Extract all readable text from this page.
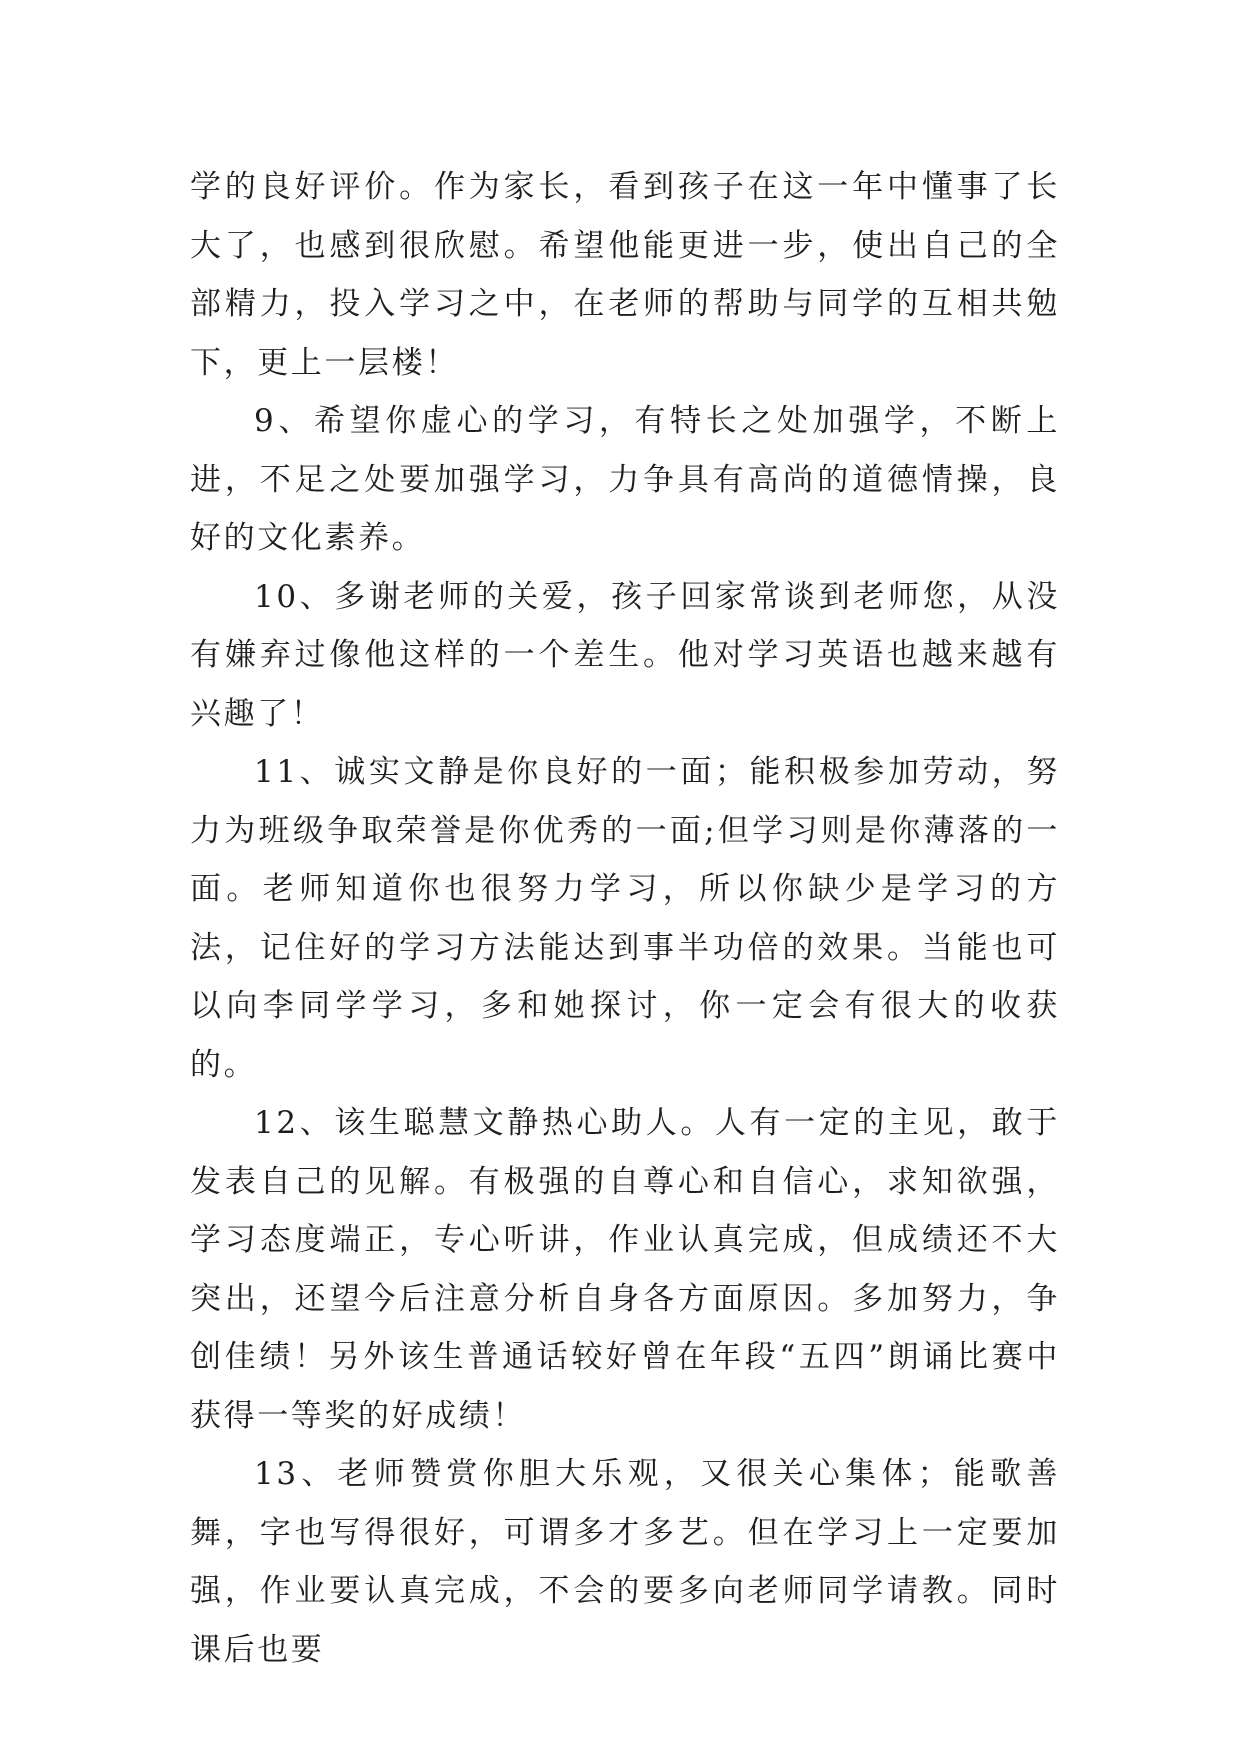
学的良好评价。作为家长，看到孩子在这一年中懂事了长大了，也感到很欣慰。希望他能更进一步，使出自己的全部精力，投入学习之中，在老师的帮助与同学的互相共勉下，更上一层楼！

9、希望你虚心的学习，有特长之处加强学，不断上进，不足之处要加强学习，力争具有高尚的道德情操，良好的文化素养。

10、多谢老师的关爱，孩子回家常谈到老师您，从没有嫌弃过像他这样的一个差生。他对学习英语也越来越有兴趣了！

11、诚实文静是你良好的一面；能积极参加劳动，努力为班级争取荣誉是你优秀的一面;但学习则是你薄落的一面。老师知道你也很努力学习，所以你缺少是学习的方法，记住好的学习方法能达到事半功倍的效果。当能也可以向李同学学习，多和她探讨，你一定会有很大的收获的。

12、该生聪慧文静热心助人。人有一定的主见，敢于发表自己的见解。有极强的自尊心和自信心，求知欲强，学习态度端正，专心听讲，作业认真完成，但成绩还不大突出，还望今后注意分析自身各方面原因。多加努力，争创佳绩！另外该生普通话较好曾在年段“五四”朗诵比赛中获得一等奖的好成绩！

13、老师赞赏你胆大乐观，又很关心集体；能歌善舞，字也写得很好，可谓多才多艺。但在学习上一定要加强，作业要认真完成，不会的要多向老师同学请教。同时课后也要
